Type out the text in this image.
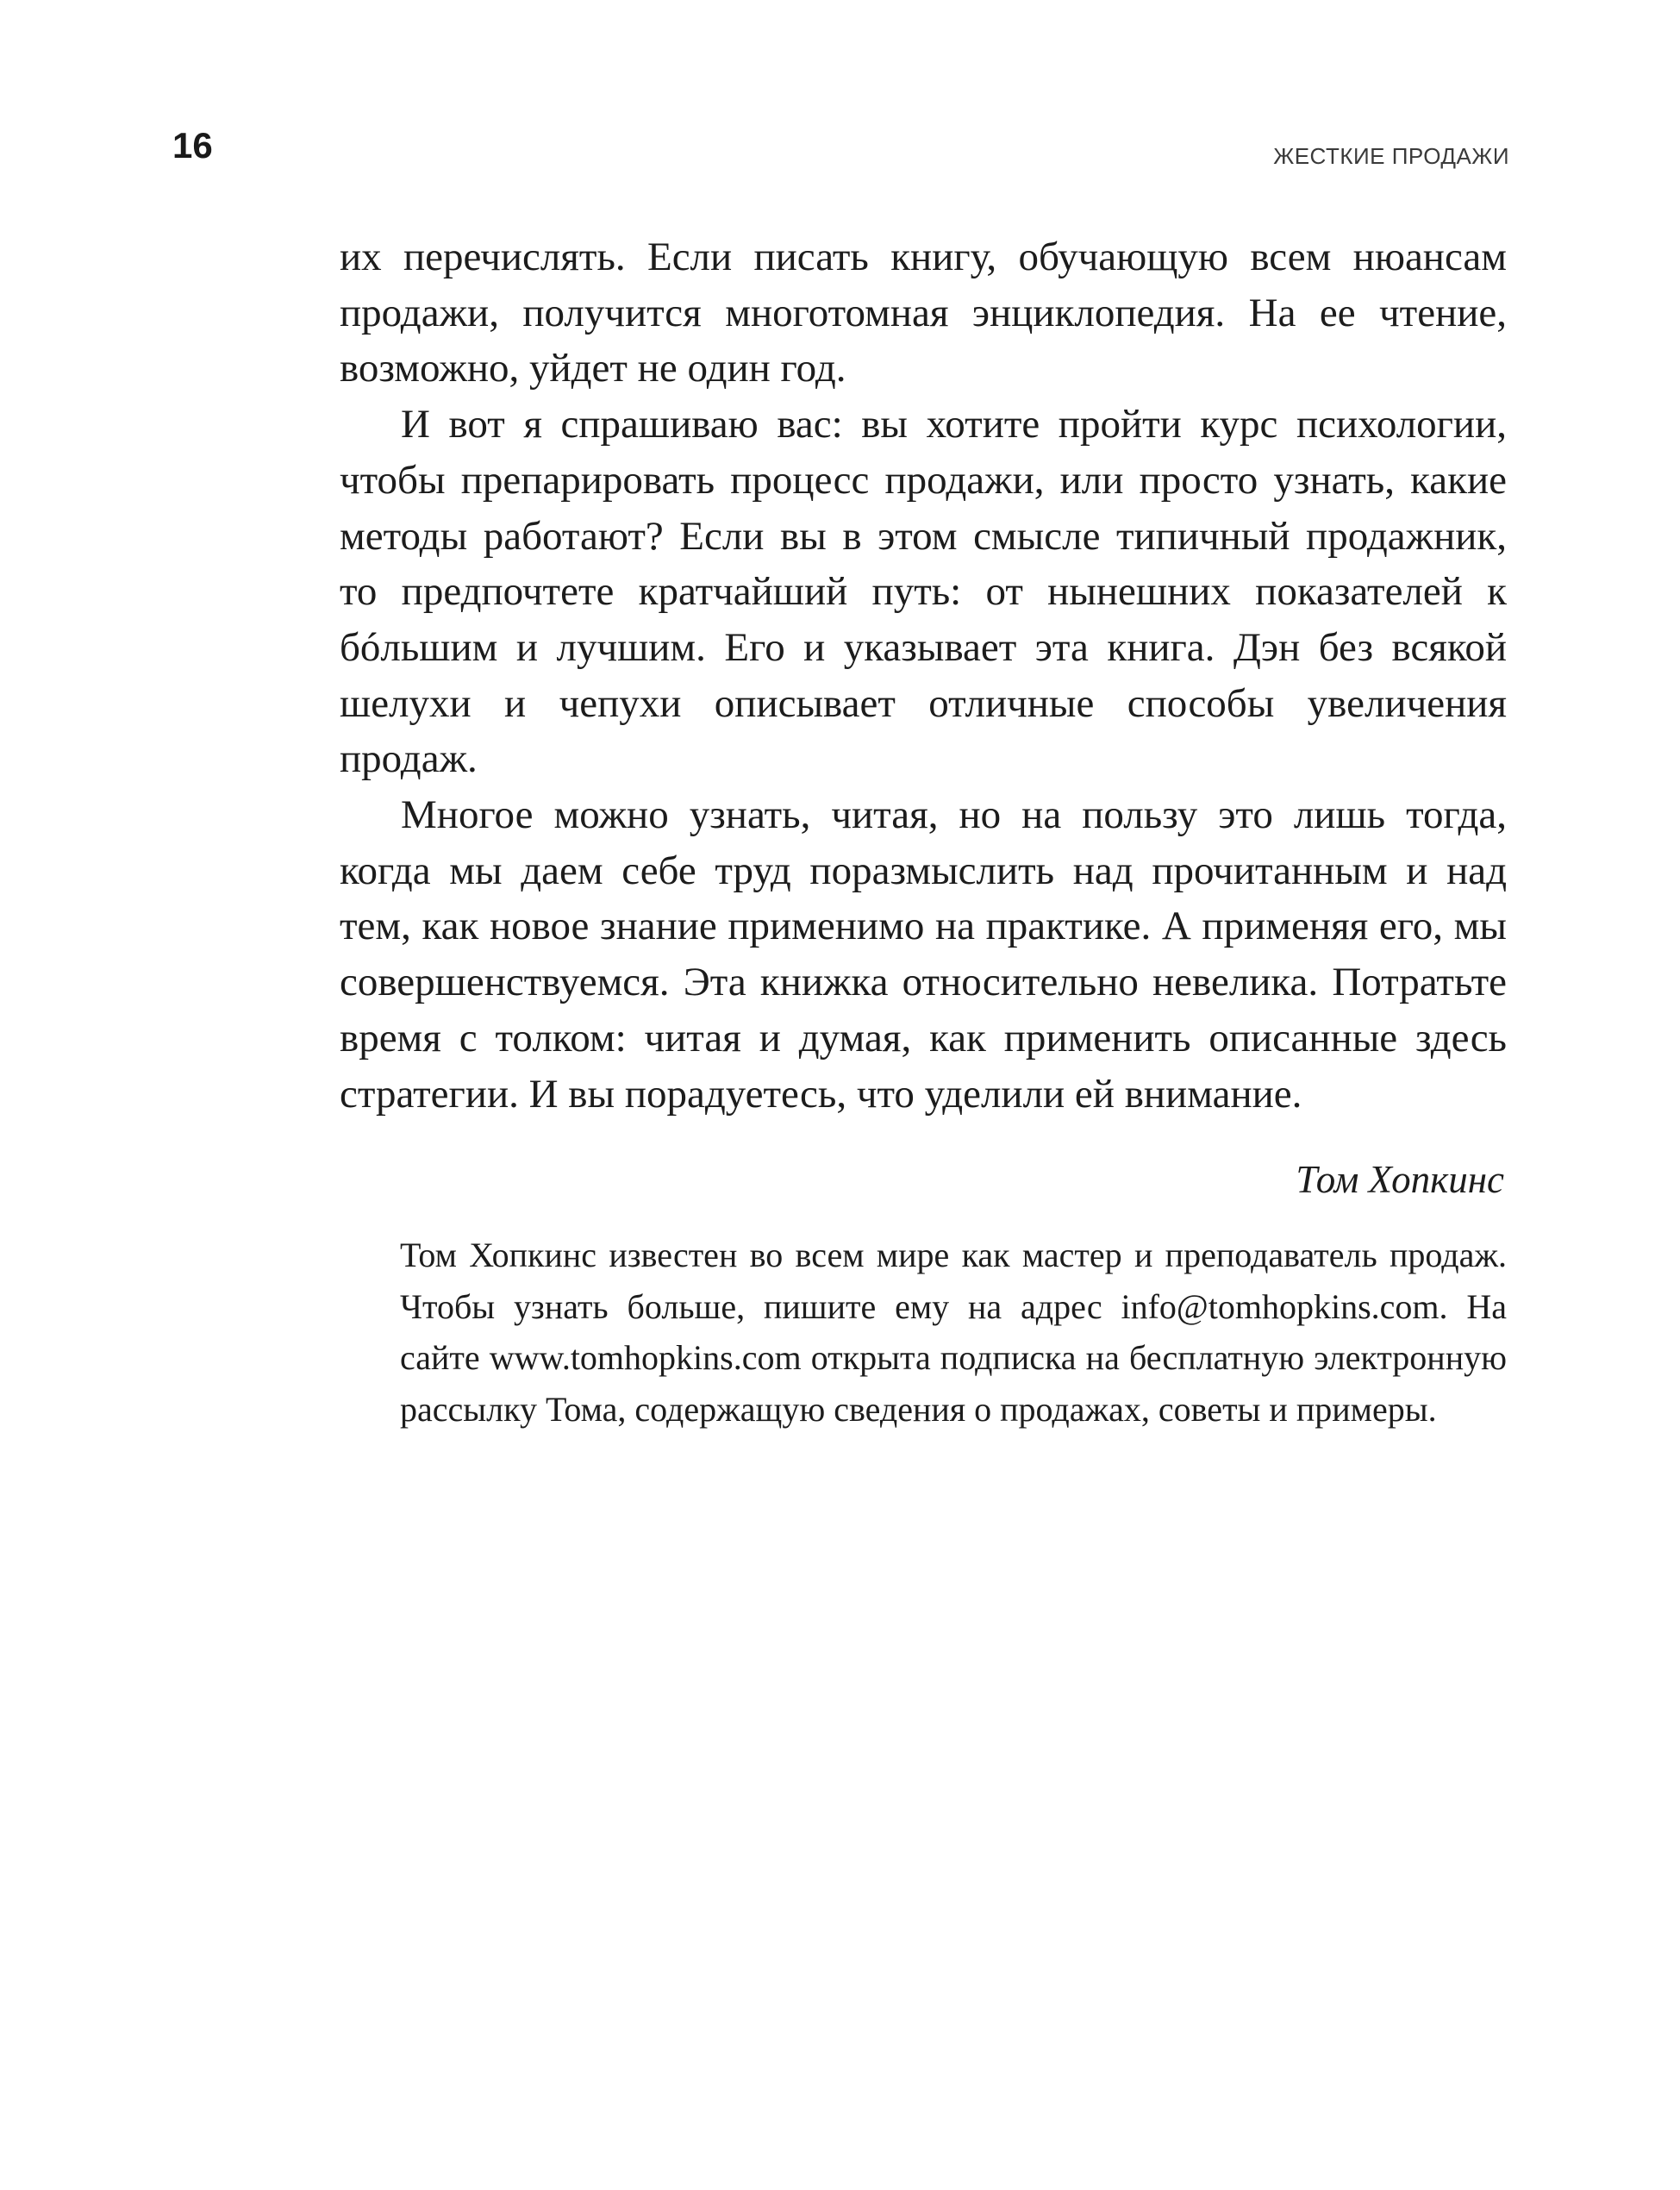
16	ЖЕСТКИЕ ПРОДАЖИ

их перечислять. Если писать книгу, обучающую всем нюансам продажи, получится многотомная энциклопедия. На ее чтение, возможно, уйдет не один год.

И вот я спрашиваю вас: вы хотите пройти курс психологии, чтобы препарировать процесс продажи, или просто узнать, какие методы работают? Если вы в этом смысле типичный продажник, то предпочтете кратчайший путь: от нынешних показателей к бóльшим и лучшим. Его и указывает эта книга. Дэн без всякой шелухи и чепухи описывает отличные способы увеличения продаж.

Многое можно узнать, читая, но на пользу это лишь тогда, когда мы даем себе труд поразмыслить над прочитанным и над тем, как новое знание применимо на практике. А применяя его, мы совершенствуемся. Эта книжка относительно невелика. Потратьте время с толком: читая и думая, как применить описанные здесь стратегии. И вы порадуетесь, что уделили ей внимание.

Том Хопкинс

Том Хопкинс известен во всем мире как мастер и преподаватель продаж. Чтобы узнать больше, пишите ему на адрес info@tomhopkins.com. На сайте www.tomhopkins.com открыта подписка на бесплатную электронную рассылку Тома, содержащую сведения о продажах, советы и примеры.
